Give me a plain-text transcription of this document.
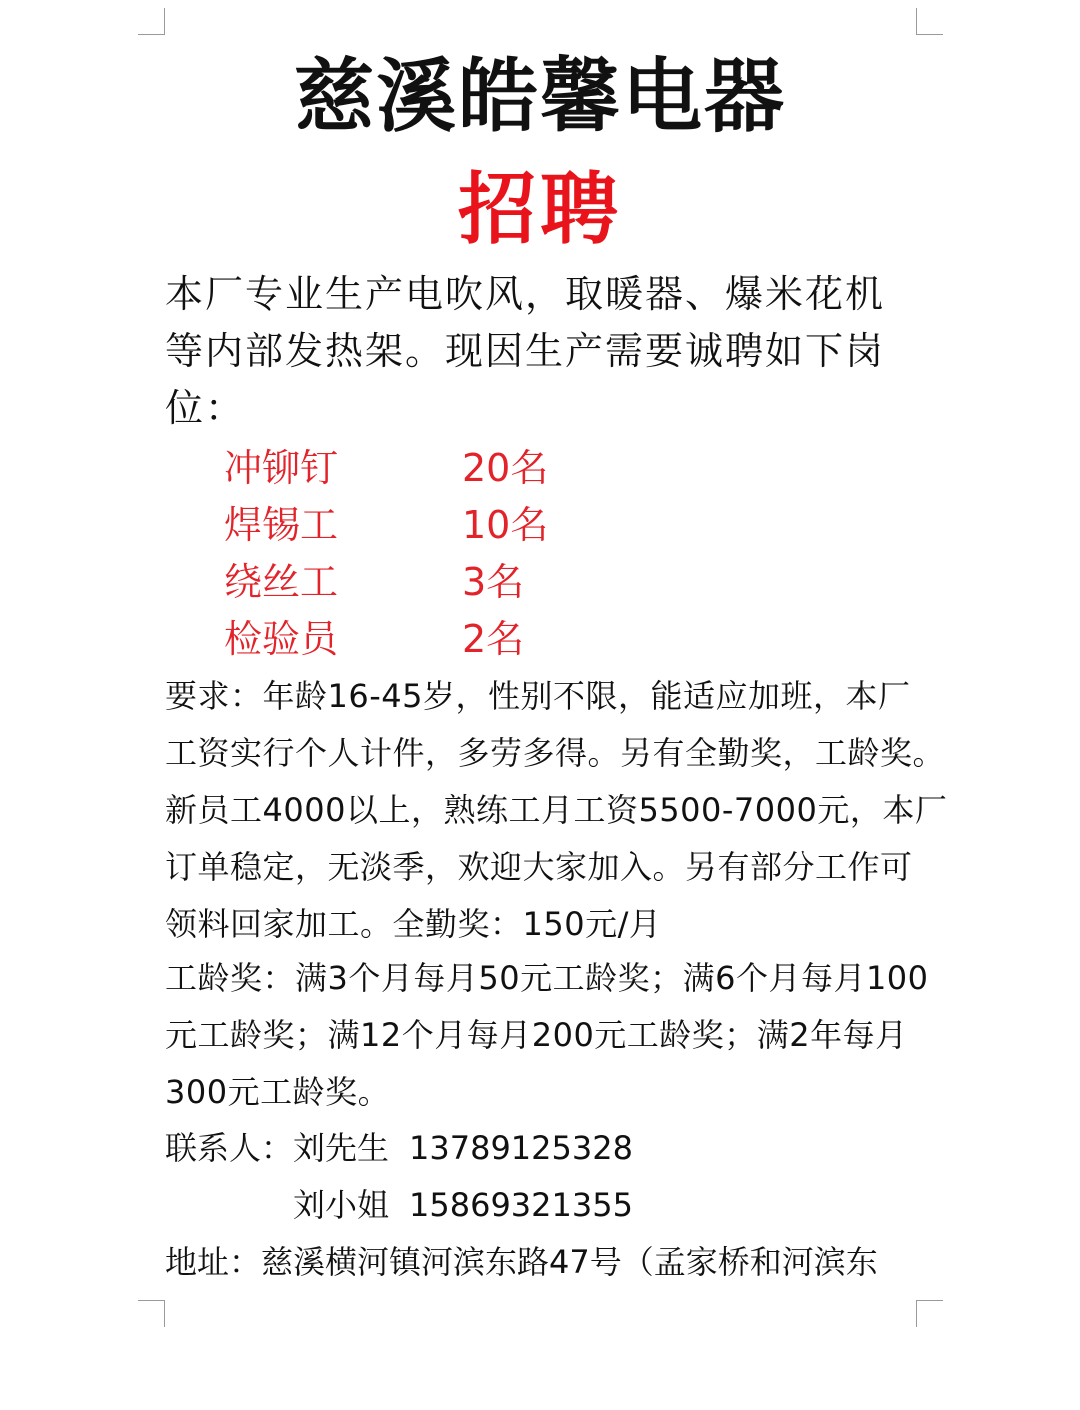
慈溪皓馨电器
招聘
本厂专业生产电吹风，取暖器、爆米花机
等内部发热架。现因生产需要诚聘如下岗
位：
冲铆钉	20名
焊锡工	10名
绕丝工	3名
检验员	2名
要求：年龄16-45岁，性别不限，能适应加班，本厂
工资实行个人计件，多劳多得。另有全勤奖，工龄奖。
新员工4000以上，熟练工月工资5500-7000元，本厂
订单稳定，无淡季，欢迎大家加入。另有部分工作可
领料回家加工。全勤奖：150元/月
工龄奖：满3个月每月50元工龄奖；满6个月每月100
元工龄奖；满12个月每月200元工龄奖；满2年每月
300元工龄奖。
联系人：刘先生 13789125328
刘小姐 15869321355
地址：慈溪横河镇河滨东路47号（孟家桥和河滨东
